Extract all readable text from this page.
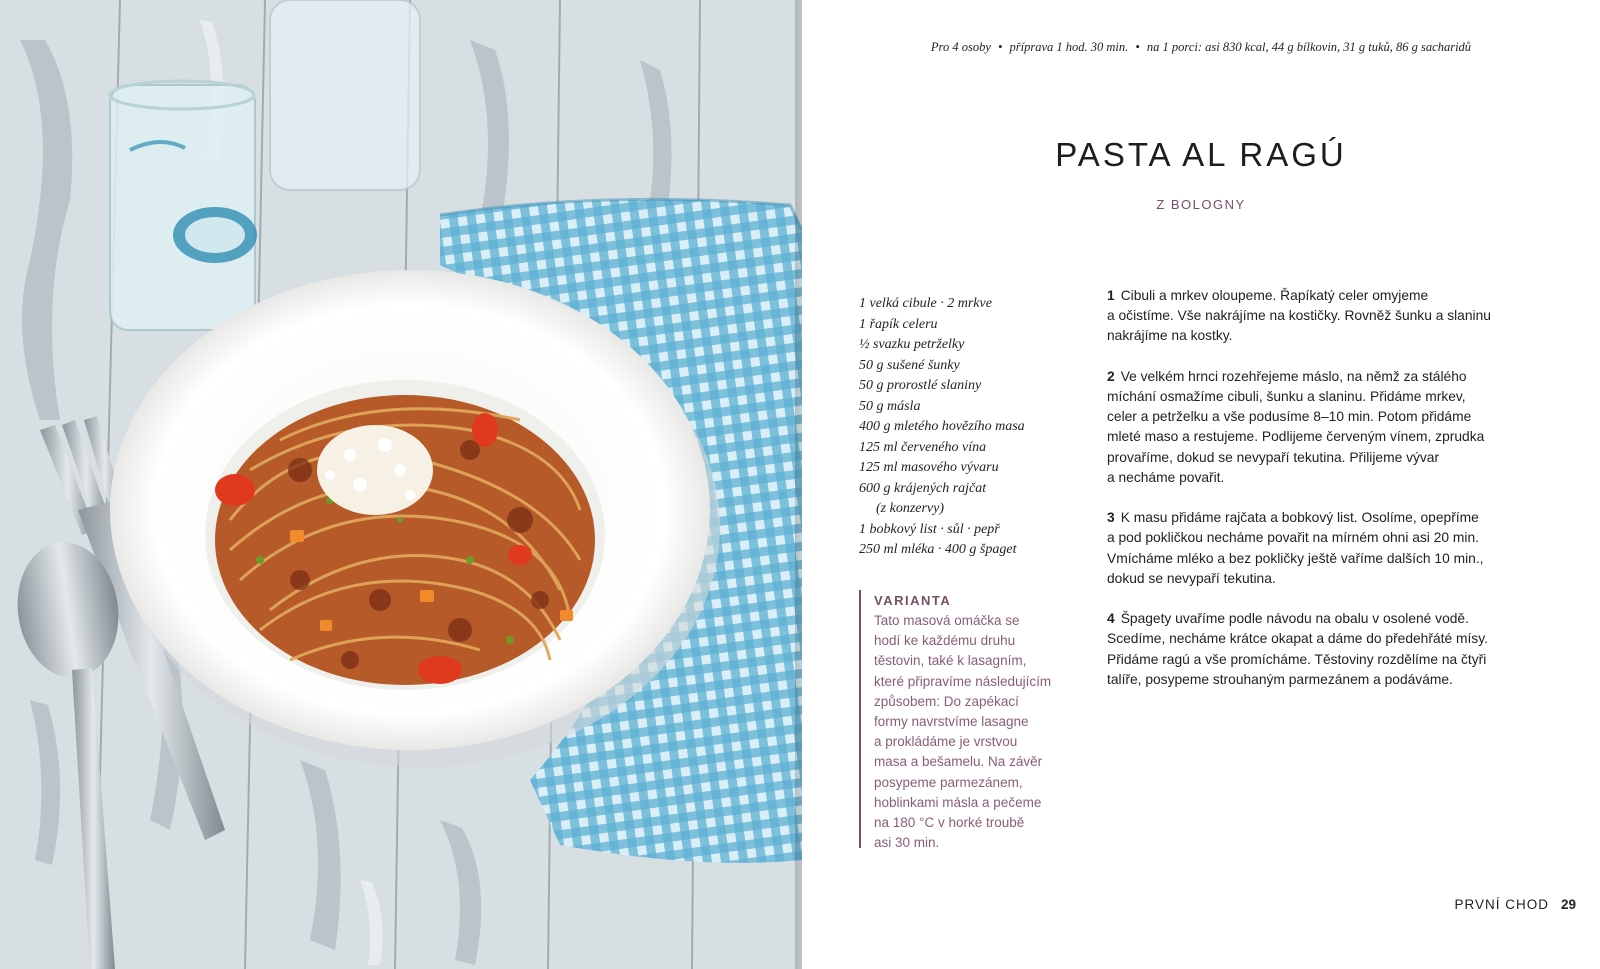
Pro 4 osoby • příprava 1 hod. 30 min. • na 1 porci: asi 830 kcal, 44 g bílkovin, 31 g tuků, 86 g sacharidů
PASTA AL RAGÚ
Z BOLOGNY
1 velká cibule · 2 mrkve
1 řapík celeru
½ svazku petrželky
50 g sušené šunky
50 g prorostlé slaniny
50 g másla
400 g mletého hovězího masa
125 ml červeného vína
125 ml masového vývaru
600 g krájených rajčat
(z konzervy)
1 bobkový list · sůl · pepř
250 ml mléka · 400 g špaget
VARIANTA
Tato masová omáčka se
hodí ke každému druhu
těstovin, také k lasagním,
které připravíme následujícím
způsobem: Do zapékací
formy navrstvíme lasagne
a prokládáme je vrstvou
masa a bešamelu. Na závěr
posypeme parmezánem,
hoblinkami másla a pečeme
na 180 °C v horké troubě
asi 30 min.
1 Cibuli a mrkev oloupeme. Řapíkatý celer omyjeme
a očistíme. Vše nakrájíme na kostičky. Rovněž šunku a slaninu
nakrájíme na kostky.
2 Ve velkém hrnci rozehřejeme máslo, na němž za stálého
míchání osmažíme cibuli, šunku a slaninu. Přidáme mrkev,
celer a petrželku a vše podusíme 8–10 min. Potom přidáme
mleté maso a restujeme. Podlijeme červeným vínem, zprudka
provaříme, dokud se nevypaří tekutina. Přilijeme vývar
a necháme povařit.
3 K masu přidáme rajčata a bobkový list. Osolíme, opepříme
a pod pokličkou necháme povařit na mírném ohni asi 20 min.
Vmícháme mléko a bez pokličky ještě vaříme dalších 10 min.,
dokud se nevypaří tekutina.
4 Špagety uvaříme podle návodu na obalu v osolené vodě.
Scedíme, necháme krátce okapat a dáme do předehřáté mísy.
Přidáme ragú a vše promícháme. Těstoviny rozdělíme na čtyři
talíře, posypeme strouhaným parmezánem a podáváme.
PRVNÍ CHOD 29
